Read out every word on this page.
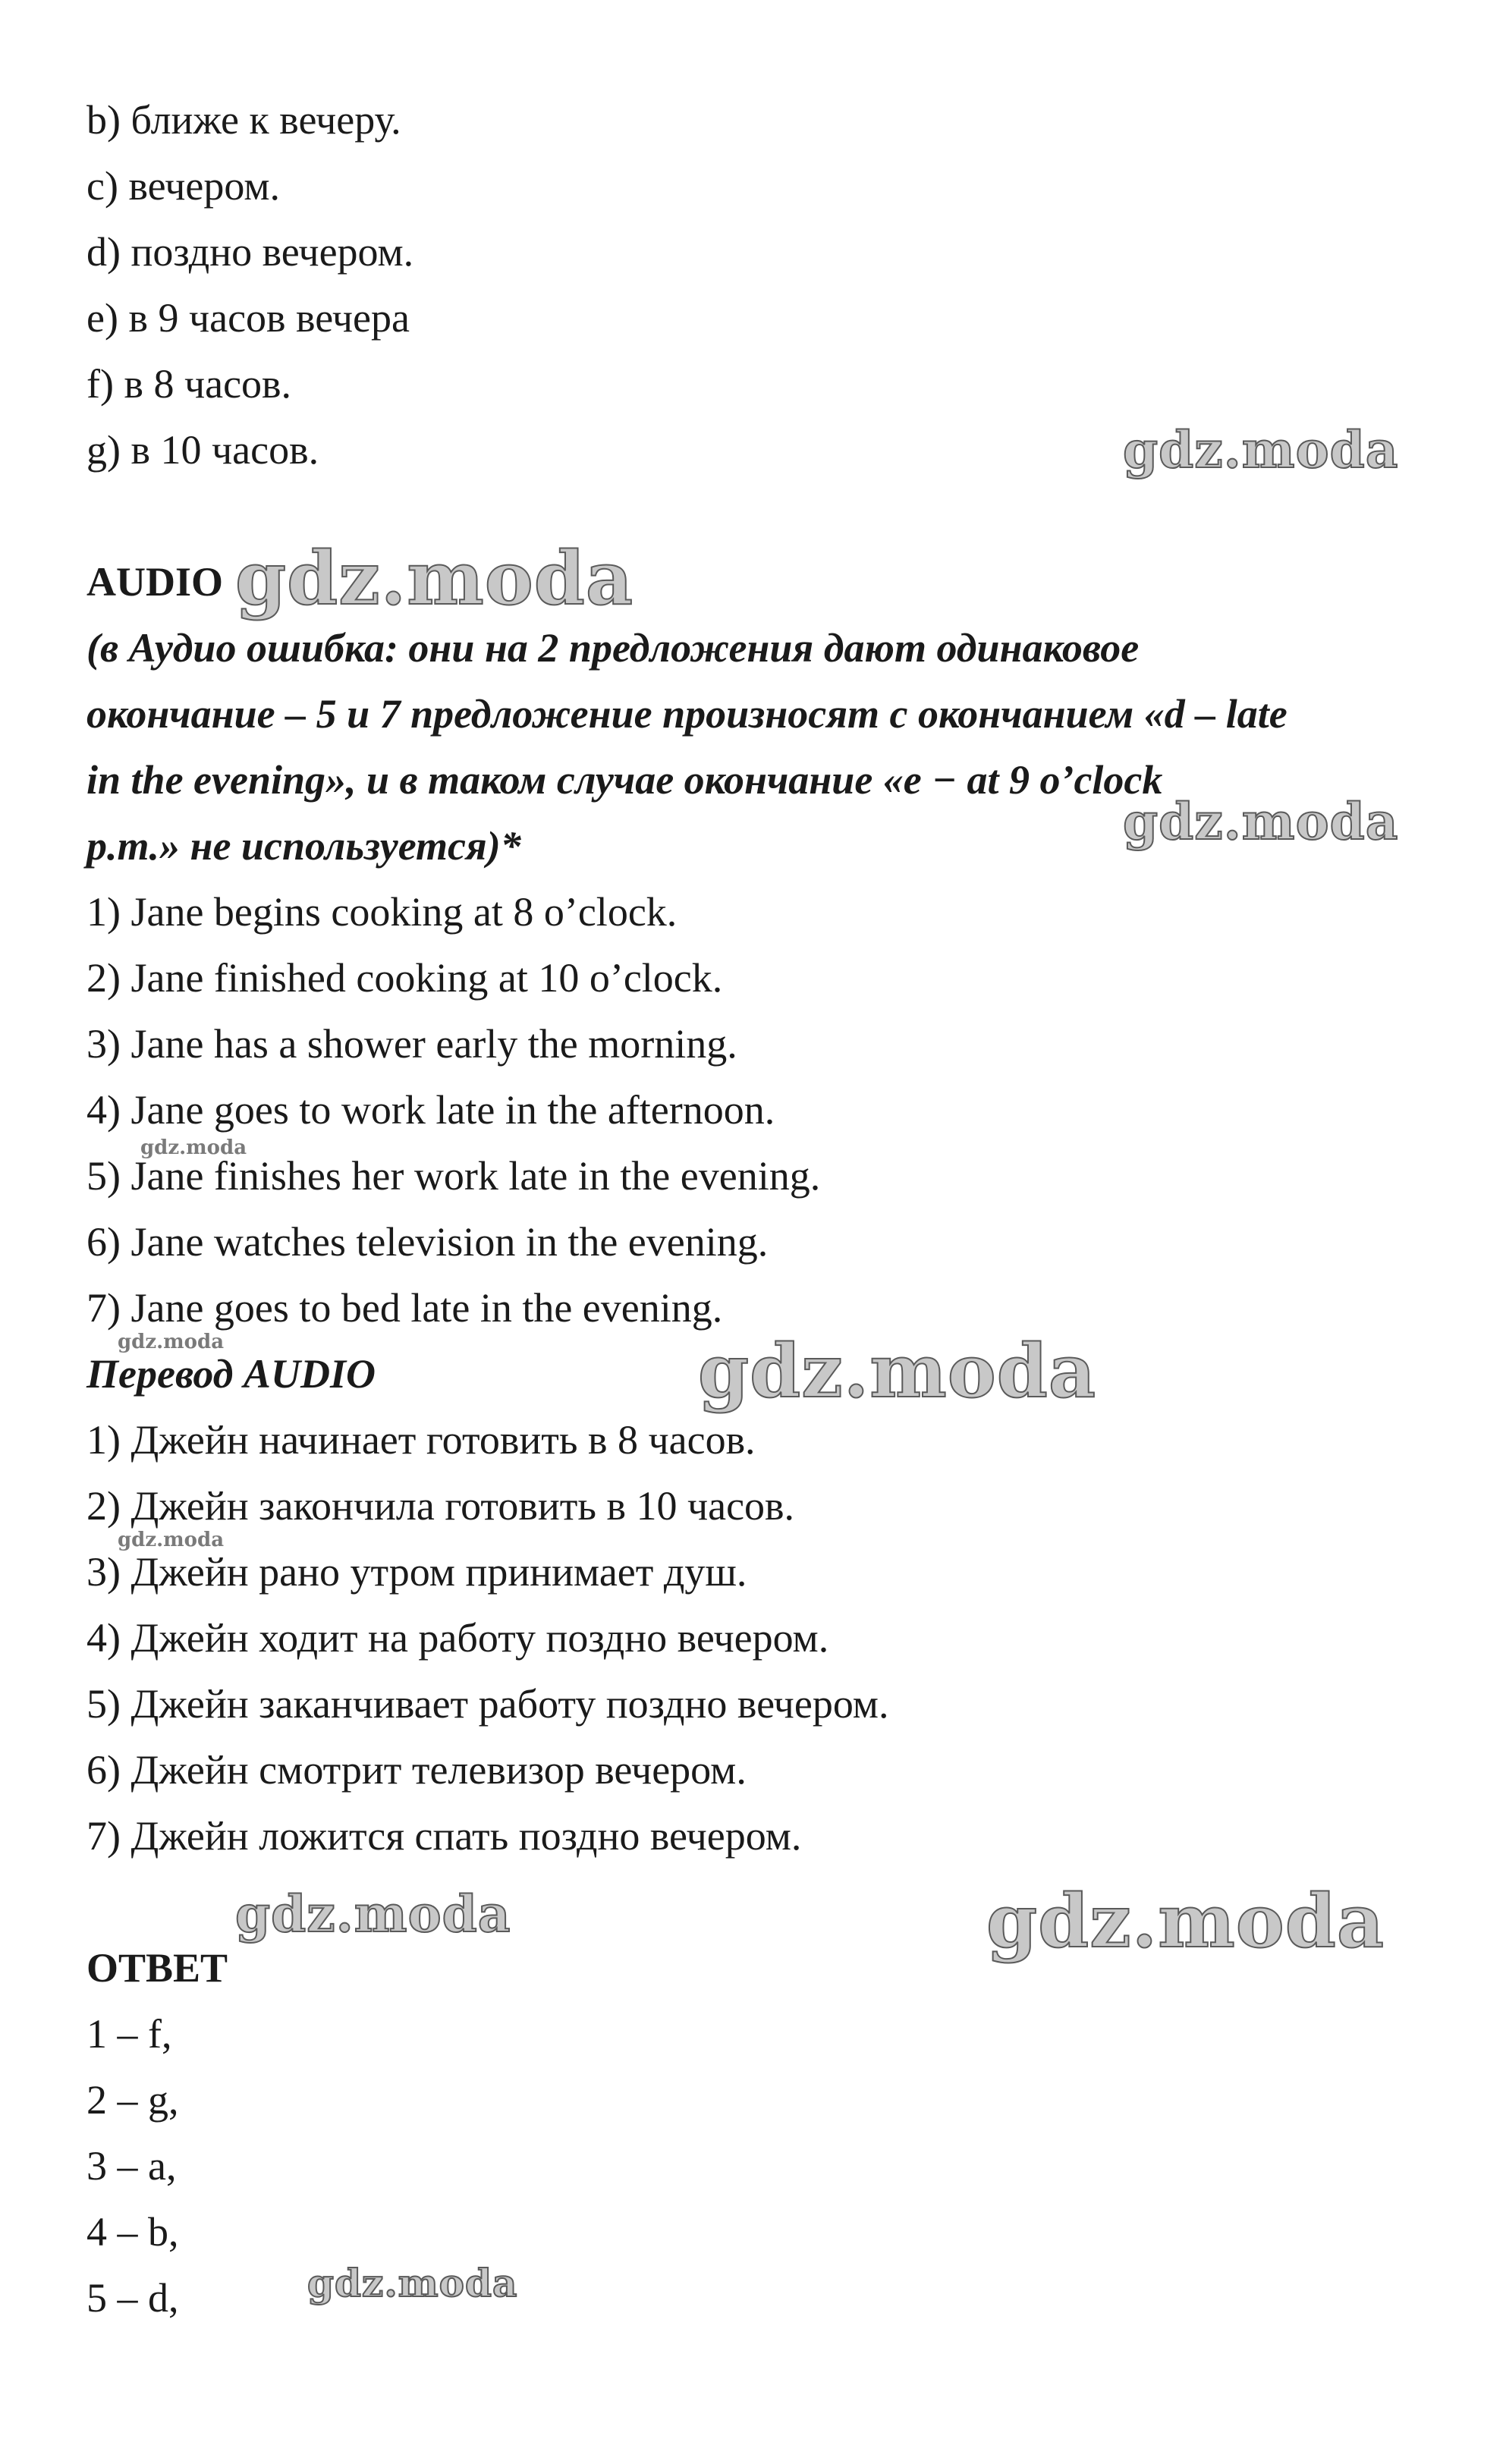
b) ближе к вечеру.
c) вечером.
d) поздно вечером.
e) в 9 часов вечера
f) в 8 часов.
g) в 10 часов.
AUDIO
(в Аудио ошибка: они на 2 предложения дают одинаковое
окончание – 5 и 7 предложение произносят с окончанием «d – late
in the evening», и в таком случае окончание «e − at 9 o’clock
p.m.» не используется)*
1) Jane begins cooking at 8 o’clock.
2) Jane finished cooking at 10 o’clock.
3) Jane has a shower early the morning.
4) Jane goes to work late in the afternoon.
5) Jane finishes her work late in the evening.
6) Jane watches television in the evening.
7) Jane goes to bed late in the evening.
Перевод AUDIO
1) Джейн начинает готовить в 8 часов.
2) Джейн закончила готовить в 10 часов.
3) Джейн рано утром принимает душ.
4) Джейн ходит на работу поздно вечером.
5) Джейн заканчивает работу поздно вечером.
6) Джейн смотрит телевизор вечером.
7) Джейн ложится спать поздно вечером.
ОТВЕТ
1 – f,
2 – g,
3 – a,
4 – b,
5 – d,
gdz.moda
gdz.moda
gdz.moda
gdz.moda
gdz.moda	gdz.moda
gdz.moda
gdz.moda	gdz.moda
gdz.moda
